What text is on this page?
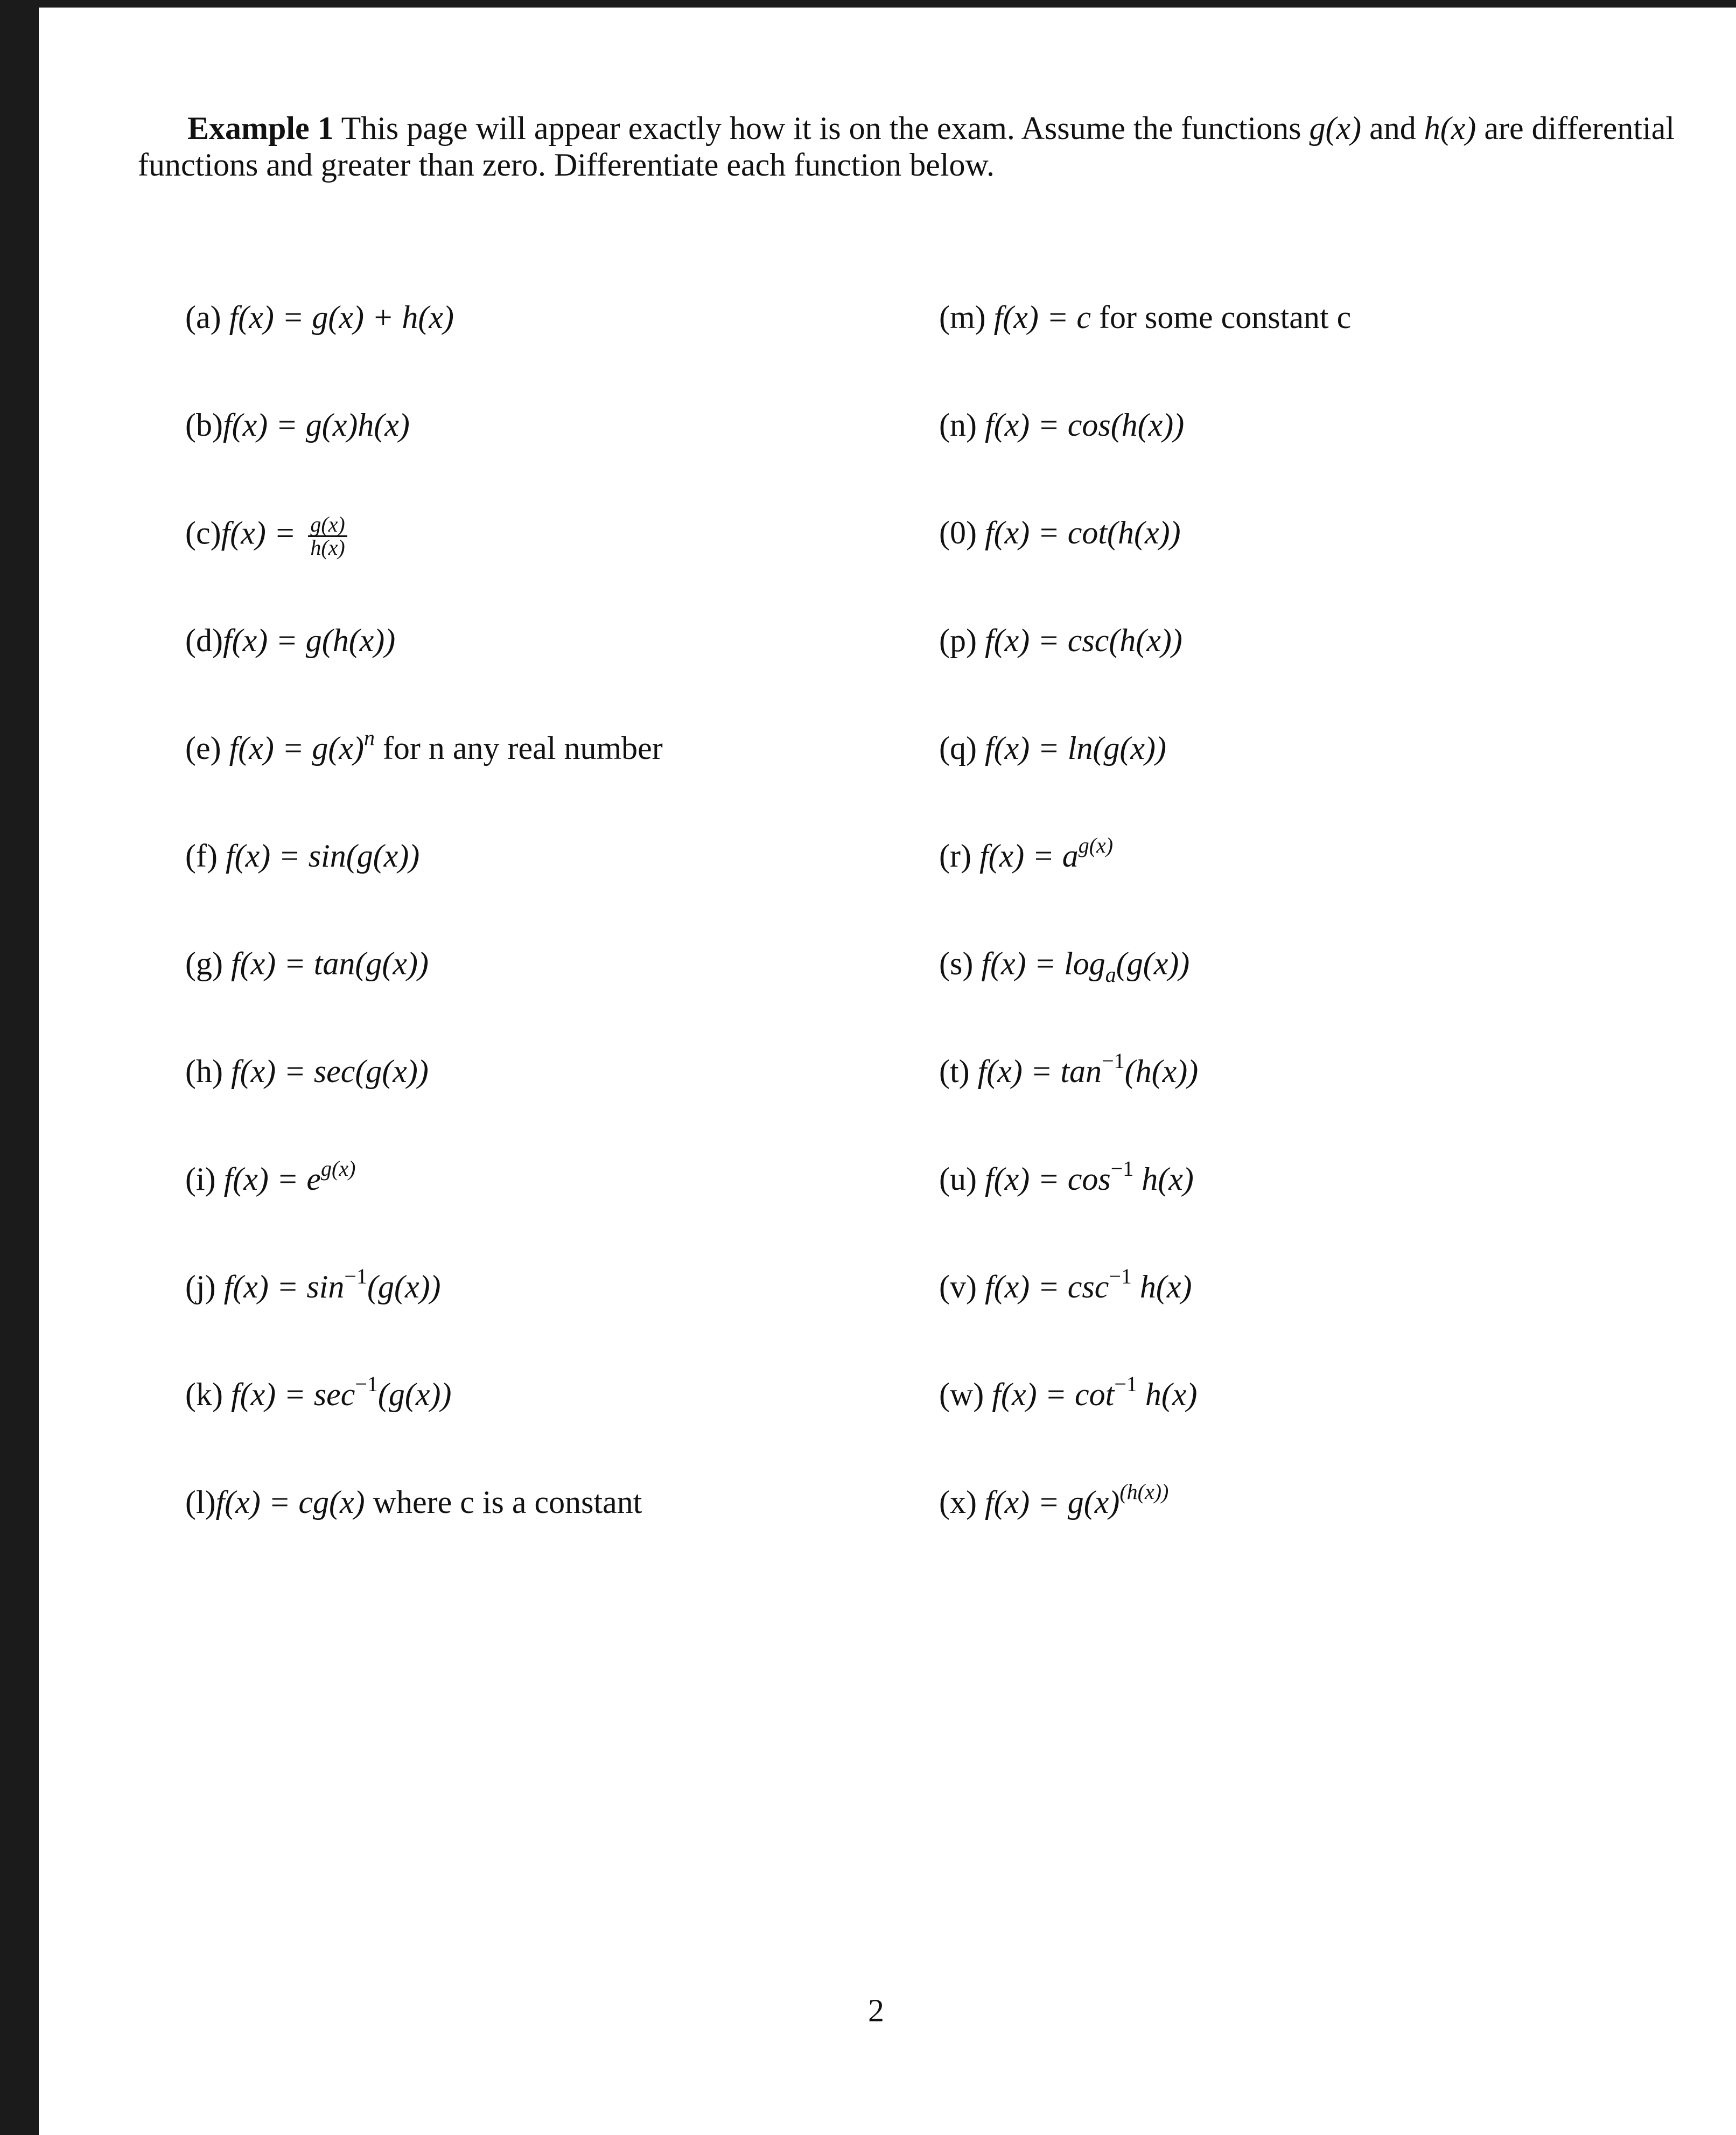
Example 1 This page will appear exactly how it is on the exam. Assume the functions g(x) and h(x) are differential functions and greater than zero. Differentiate each function below.
(a) f(x) = g(x) + h(x)
(b)f(x) = g(x)h(x)
$(c)f(x) = \frac{g(x)}{h(x)}$
(d)f(x) = g(h(x))
(e) $f(x) = g(x)^n$ for n any real number
(f) f(x) = sin(g(x))
(g) f(x) = tan(g(x))
(h) f(x) = sec(g(x))
(i) $f(x) = e^{g(x)}$
(j) $f(x) = \sin^{-1}(g(x))$
(k) $f(x) = \sec^{-1}(g(x))$
(l)f(x) = cg(x) where c is a constant
(m) f(x) = c for some constant c
(n) f(x) = cos(h(x))
(0) f(x) = cot(h(x))
(p) f(x) = csc(h(x))
(q) f(x) = ln(g(x))
(r) $f(x) = a^{g(x)}$
(s) $f(x) = \log_a(g(x))$
(t) $f(x) = \tan^{-1}(h(x))$
(u) $f(x) = \cos^{-1} h(x)$
(v) $f(x) = \csc^{-1} h(x)$
(w) $f(x) = \cot^{-1} h(x)$
(x) $f(x) = g(x)^{(h(x))}$
2
